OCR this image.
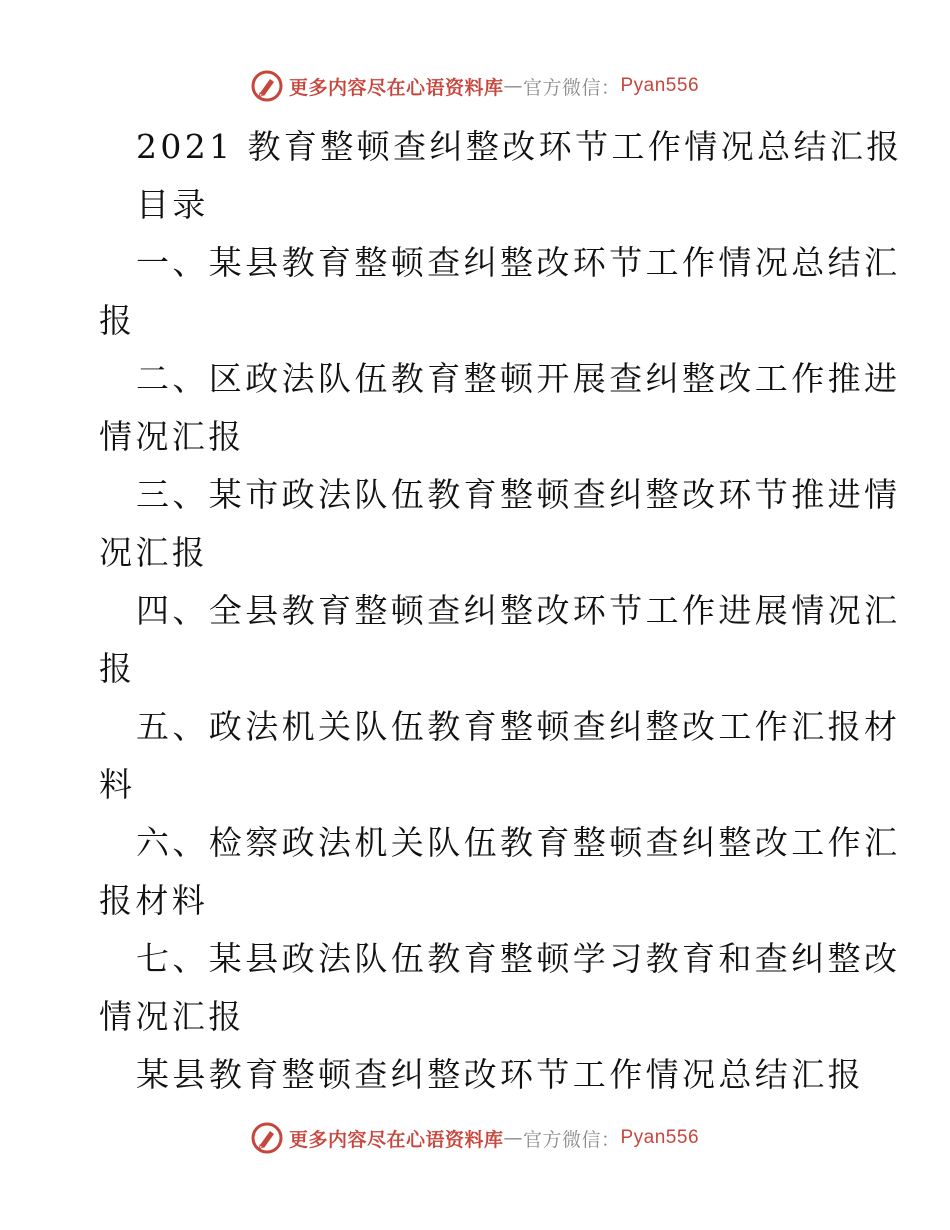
更多内容尽在心语资料库 — 官方微信： Pyan556

2021 教育整顿查纠整改环节工作情况总结汇报

目录

一、某县教育整顿查纠整改环节工作情况总结汇

报

二、区政法队伍教育整顿开展查纠整改工作推进

情况汇报

三、某市政法队伍教育整顿查纠整改环节推进情

况汇报

四、全县教育整顿查纠整改环节工作进展情况汇

报

五、政法机关队伍教育整顿查纠整改工作汇报材

料

六、检察政法机关队伍教育整顿查纠整改工作汇

报材料

七、某县政法队伍教育整顿学习教育和查纠整改

情况汇报

某县教育整顿查纠整改环节工作情况总结汇报

更多内容尽在心语资料库 — 官方微信： Pyan556
